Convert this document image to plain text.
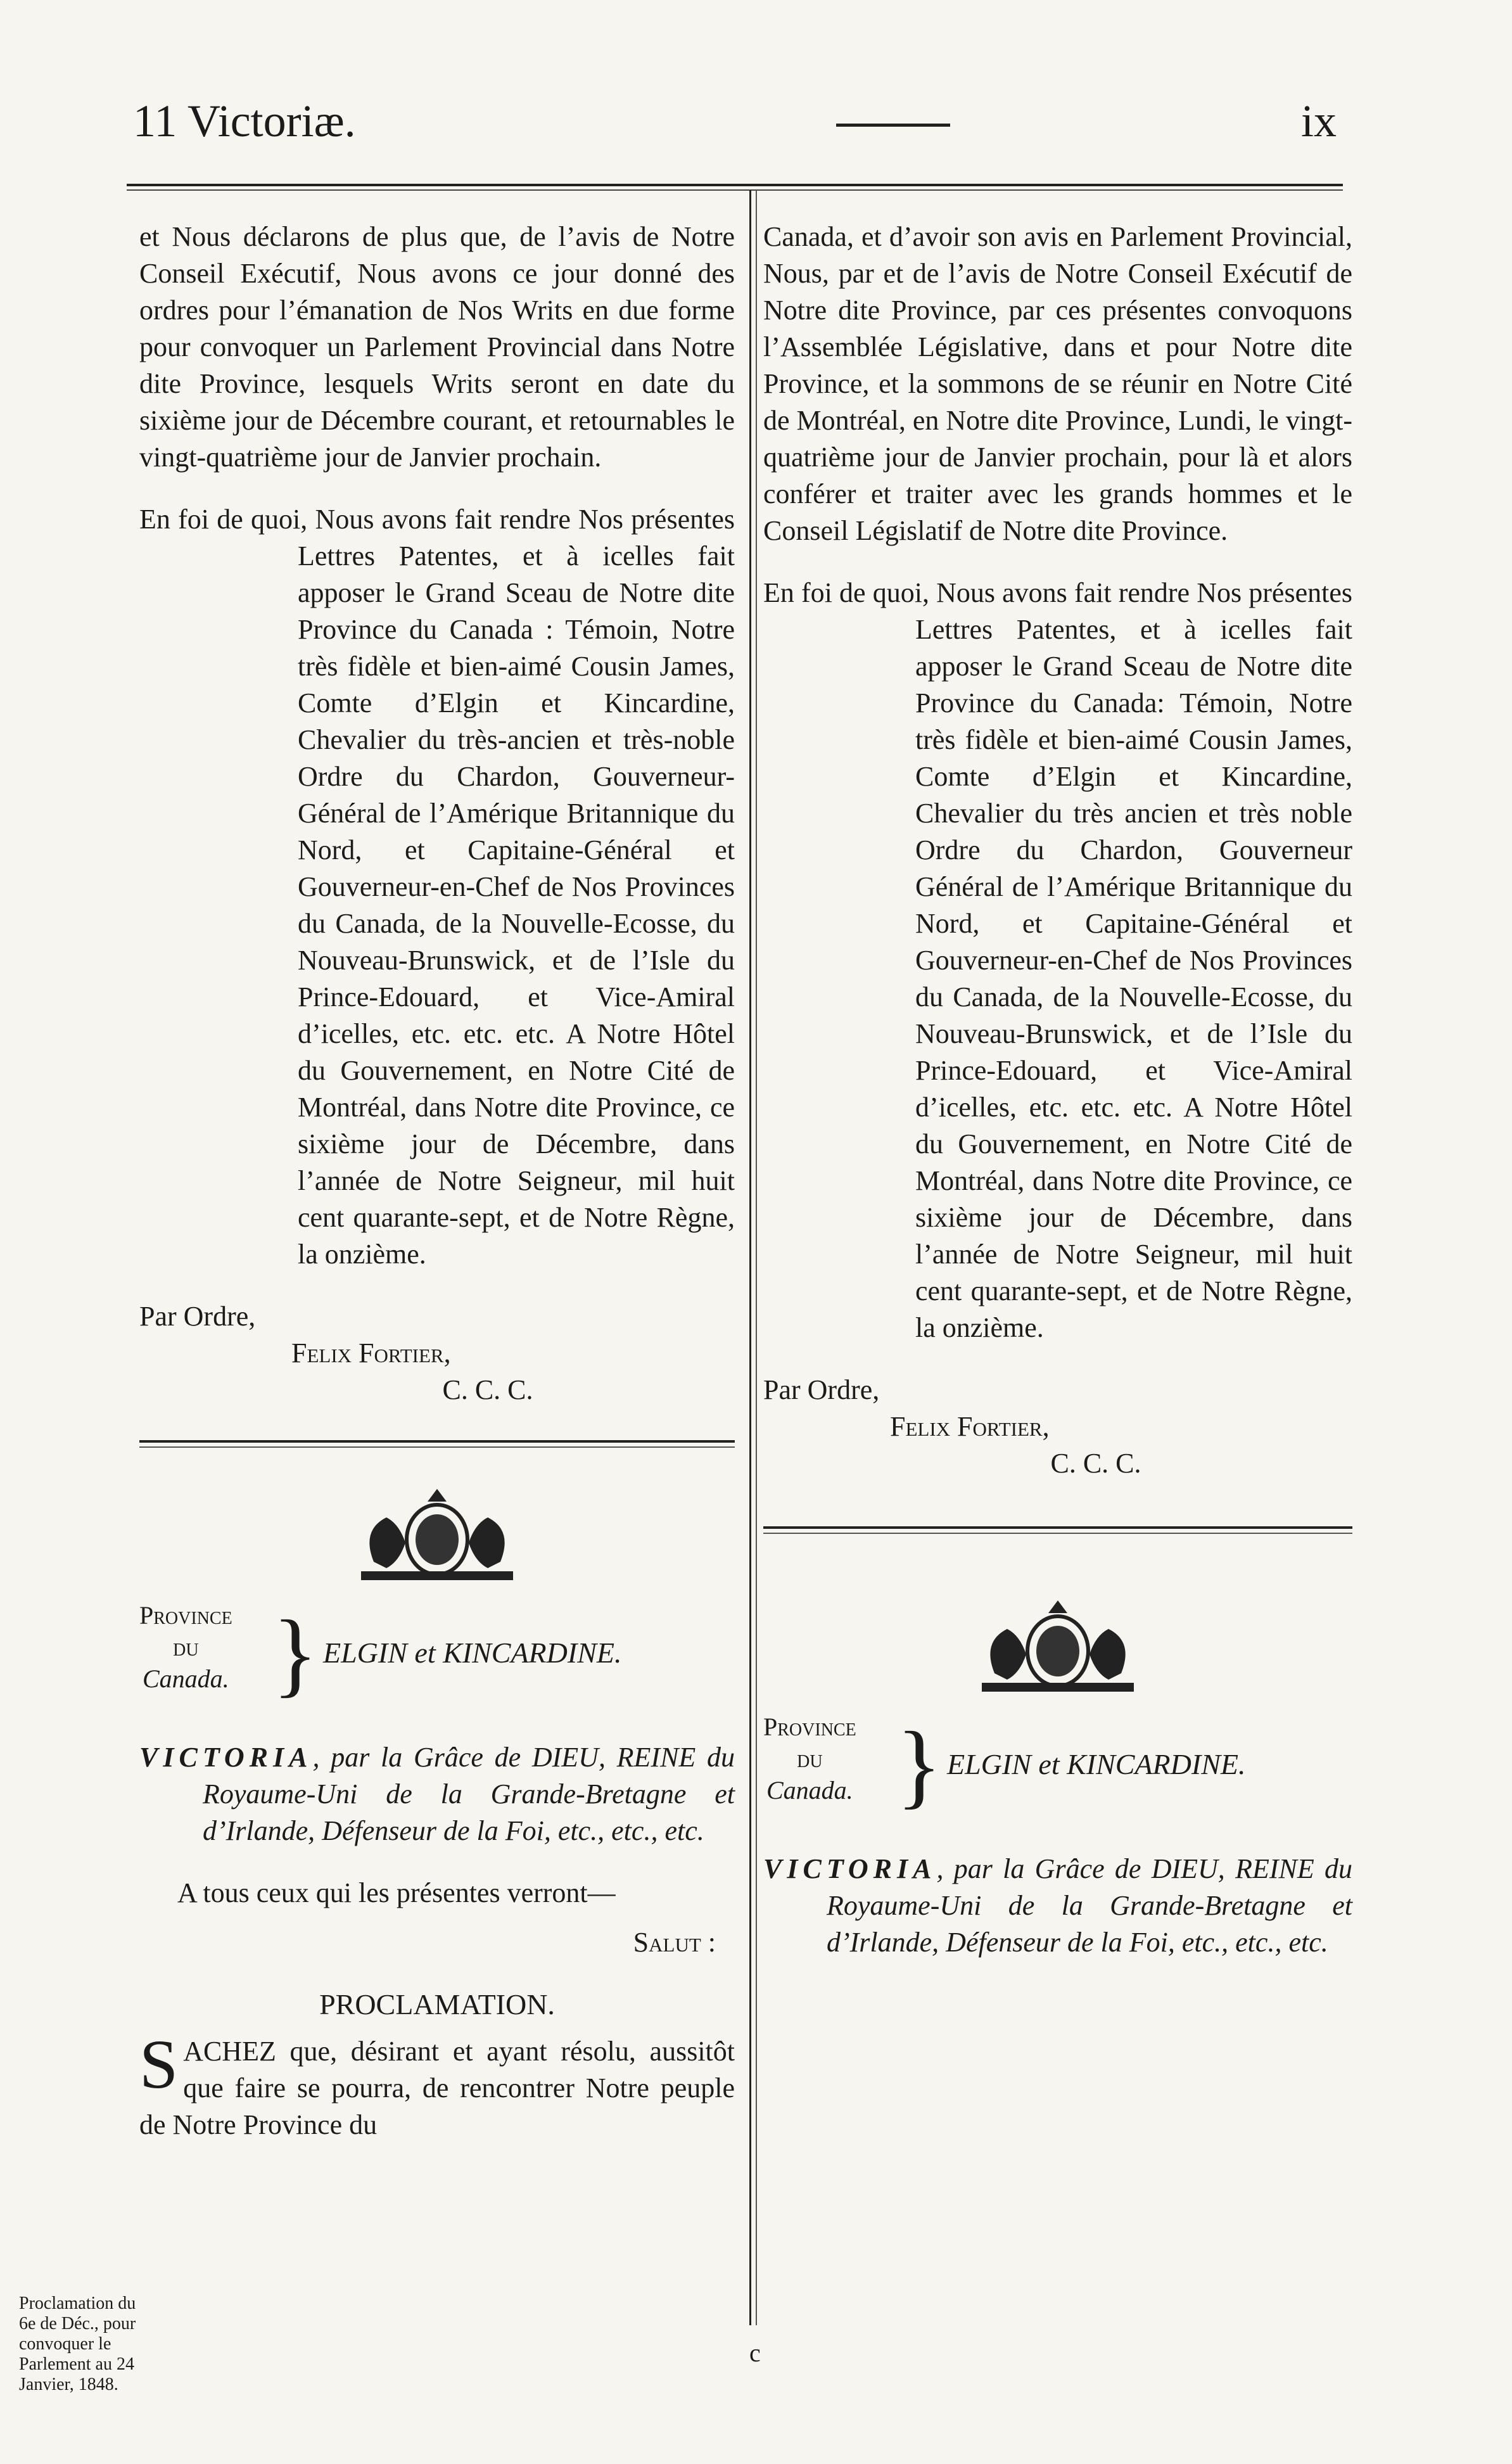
11 Victoriæ.	ix

et Nous déclarons de plus que, de l’avis de Notre Conseil Exécutif, Nous avons ce jour donné des ordres pour l’émanation de Nos Writs en due forme pour convoquer un Parlement Provincial dans Notre dite Province, lesquels Writs seront en date du sixième jour de Décembre courant, et retournables le vingt-quatrième jour de Janvier prochain.

En foi de quoi, Nous avons fait rendre Nos présentes Lettres Patentes, et à icelles fait apposer le Grand Sceau de Notre dite Province du Canada : Témoin, Notre très fidèle et bien-aimé Cousin James, Comte d’Elgin et Kincardine, Chevalier du très-ancien et très-noble Ordre du Chardon, Gouverneur-Général de l’Amérique Britannique du Nord, et Capitaine-Général et Gouverneur-en-Chef de Nos Provinces du Canada, de la Nouvelle-Ecosse, du Nouveau-Brunswick, et de l’Isle du Prince-Edouard, et Vice-Amiral d’icelles, etc. etc. etc. A Notre Hôtel du Gouvernement, en Notre Cité de Montréal, dans Notre dite Province, ce sixième jour de Décembre, dans l’année de Notre Seigneur, mil huit cent quarante-sept, et de Notre Règne, la onzième.

Par Ordre,

Felix Fortier,

C. C. C.

Province
du
Canada. } ELGIN et KINCARDINE.

VICTORIA, par la Grâce de DIEU, REINE du Royaume-Uni de la Grande-Bretagne et d’Irlande, Défenseur de la Foi, etc., etc., etc.

A tous ceux qui les présentes verront—

Salut :

PROCLAMATION.

SACHEZ que, désirant et ayant résolu, aussitôt que faire se pourra, de rencontrer Notre peuple de Notre Province du

Canada, et d’avoir son avis en Parlement Provincial, Nous, par et de l’avis de Notre Conseil Exécutif de Notre dite Province, par ces présentes convoquons l’Assemblée Législative, dans et pour Notre dite Province, et la sommons de se réunir en Notre Cité de Montréal, en Notre dite Province, Lundi, le vingt-quatrième jour de Janvier prochain, pour là et alors conférer et traiter avec les grands hommes et le Conseil Législatif de Notre dite Province.

En foi de quoi, Nous avons fait rendre Nos présentes Lettres Patentes, et à icelles fait apposer le Grand Sceau de Notre dite Province du Canada: Témoin, Notre très fidèle et bien-aimé Cousin James, Comte d’Elgin et Kincardine, Chevalier du très ancien et très noble Ordre du Chardon, Gouverneur Général de l’Amérique Britannique du Nord, et Capitaine-Général et Gouverneur-en-Chef de Nos Provinces du Canada, de la Nouvelle-Ecosse, du Nouveau-Brunswick, et de l’Isle du Prince-Edouard, et Vice-Amiral d’icelles, etc. etc. etc. A Notre Hôtel du Gouvernement, en Notre Cité de Montréal, dans Notre dite Province, ce sixième jour de Décembre, dans l’année de Notre Seigneur, mil huit cent quarante-sept, et de Notre Règne, la onzième.

Par Ordre,

Felix Fortier,

C. C. C.

Province
du
Canada. } ELGIN et KINCARDINE.

VICTORIA, par la Grâce de DIEU, REINE du Royaume-Uni de la Grande-Bretagne et d’Irlande, Défenseur de la Foi, etc., etc., etc.

Proclamation du 6e de Déc., pour convoquer le Parlement au 24 Janvier, 1848.
c
